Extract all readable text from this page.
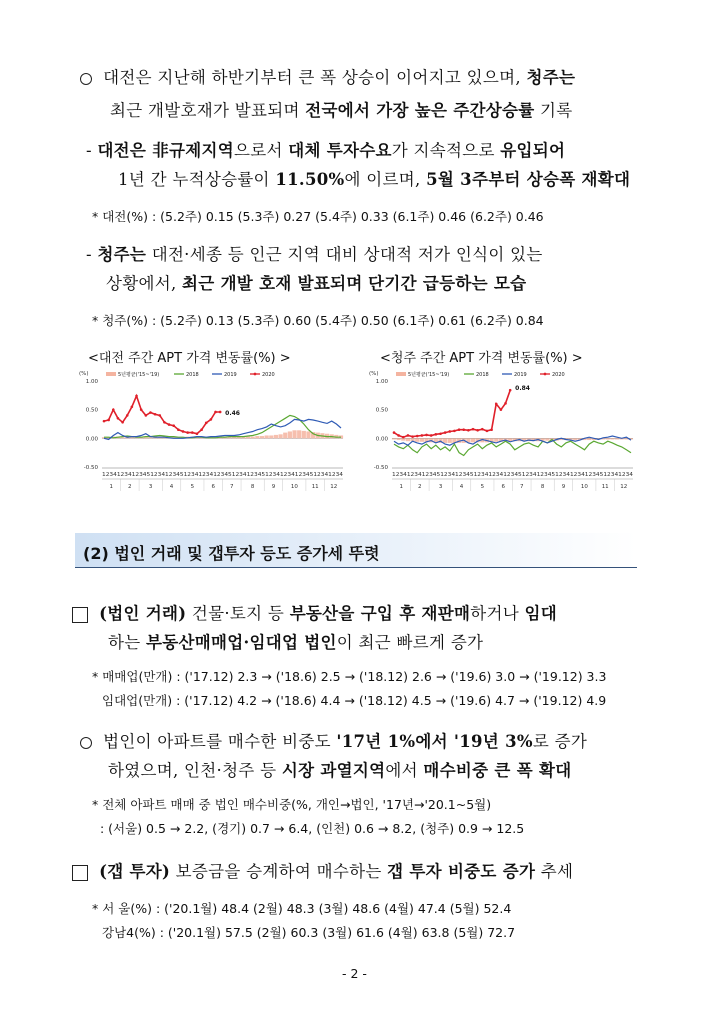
대전은 지난해 하반기부터 큰 폭 상승이 이어지고 있으며, 청주는
최근 개발호재가 발표되며 전국에서 가장 높은 주간상승률 기록
- 대전은 非규제지역으로서 대체 투자수요가 지속적으로 유입되어
1년 간 누적상승률이 11.50%에 이르며, 5월 3주부터 상승폭 재확대
* 대전(%) : (5.2주) 0.15 (5.3주) 0.27 (5.4주) 0.33 (6.1주) 0.46 (6.2주) 0.46
- 청주는 대전·세종 등 인근 지역 대비 상대적 저가 인식이 있는
상황에서, 최근 개발 호재 발표되며 단기간 급등하는 모습
* 청주(%) : (5.2주) 0.13 (5.3주) 0.60 (5.4주) 0.50 (6.1주) 0.61 (6.2주) 0.84
<대전 주간 APT 가격 변동률(%) >	<청주 주간 APT 가격 변동률(%) >
(%)
1.00
0.50
0.00
-0.50
0.46
5년평균('15~'19)	2018	2019	2020
12341234123451234123451234123412345123412345123412341234512341234
1	2	3	4	5	6	7	8	9	10	11 12
(%)
1.00
0.50
0.00
-0.50
0.84
5년평균('15~'19)	2018	2019	2020
12341234123451234123451234123412345123412345123412341234512341234
1	2	3	4	5	6	7	8	9	10	11 12
(2) 법인 거래 및 갭투자 등도 증가세 뚜렷
(법인 거래) 건물·토지 등 부동산을 구입 후 재판매하거나 임대
하는 부동산매매업·임대업 법인이 최근 빠르게 증가
* 매매업(만개) : ('17.12) 2.3 → ('18.6) 2.5 → ('18.12) 2.6 → ('19.6) 3.0 → ('19.12) 3.3
임대업(만개) : ('17.12) 4.2 → ('18.6) 4.4 → ('18.12) 4.5 → ('19.6) 4.7 → ('19.12) 4.9
법인이 아파트를 매수한 비중도 '17년 1%에서 '19년 3%로 증가
하였으며, 인천·청주 등 시장 과열지역에서 매수비중 큰 폭 확대
* 전체 아파트 매매 중 법인 매수비중(%, 개인→법인, '17년→'20.1~5월)
: (서울) 0.5 → 2.2, (경기) 0.7 → 6.4, (인천) 0.6 → 8.2, (청주) 0.9 → 12.5
(갭 투자) 보증금을 승계하여 매수하는 갭 투자 비중도 증가 추세
* 서 울(%) : ('20.1월) 48.4 (2월) 48.3 (3월) 48.6 (4월) 47.4 (5월) 52.4
강남4(%) : ('20.1월) 57.5 (2월) 60.3 (3월) 61.6 (4월) 63.8 (5월) 72.7
- 2 -
